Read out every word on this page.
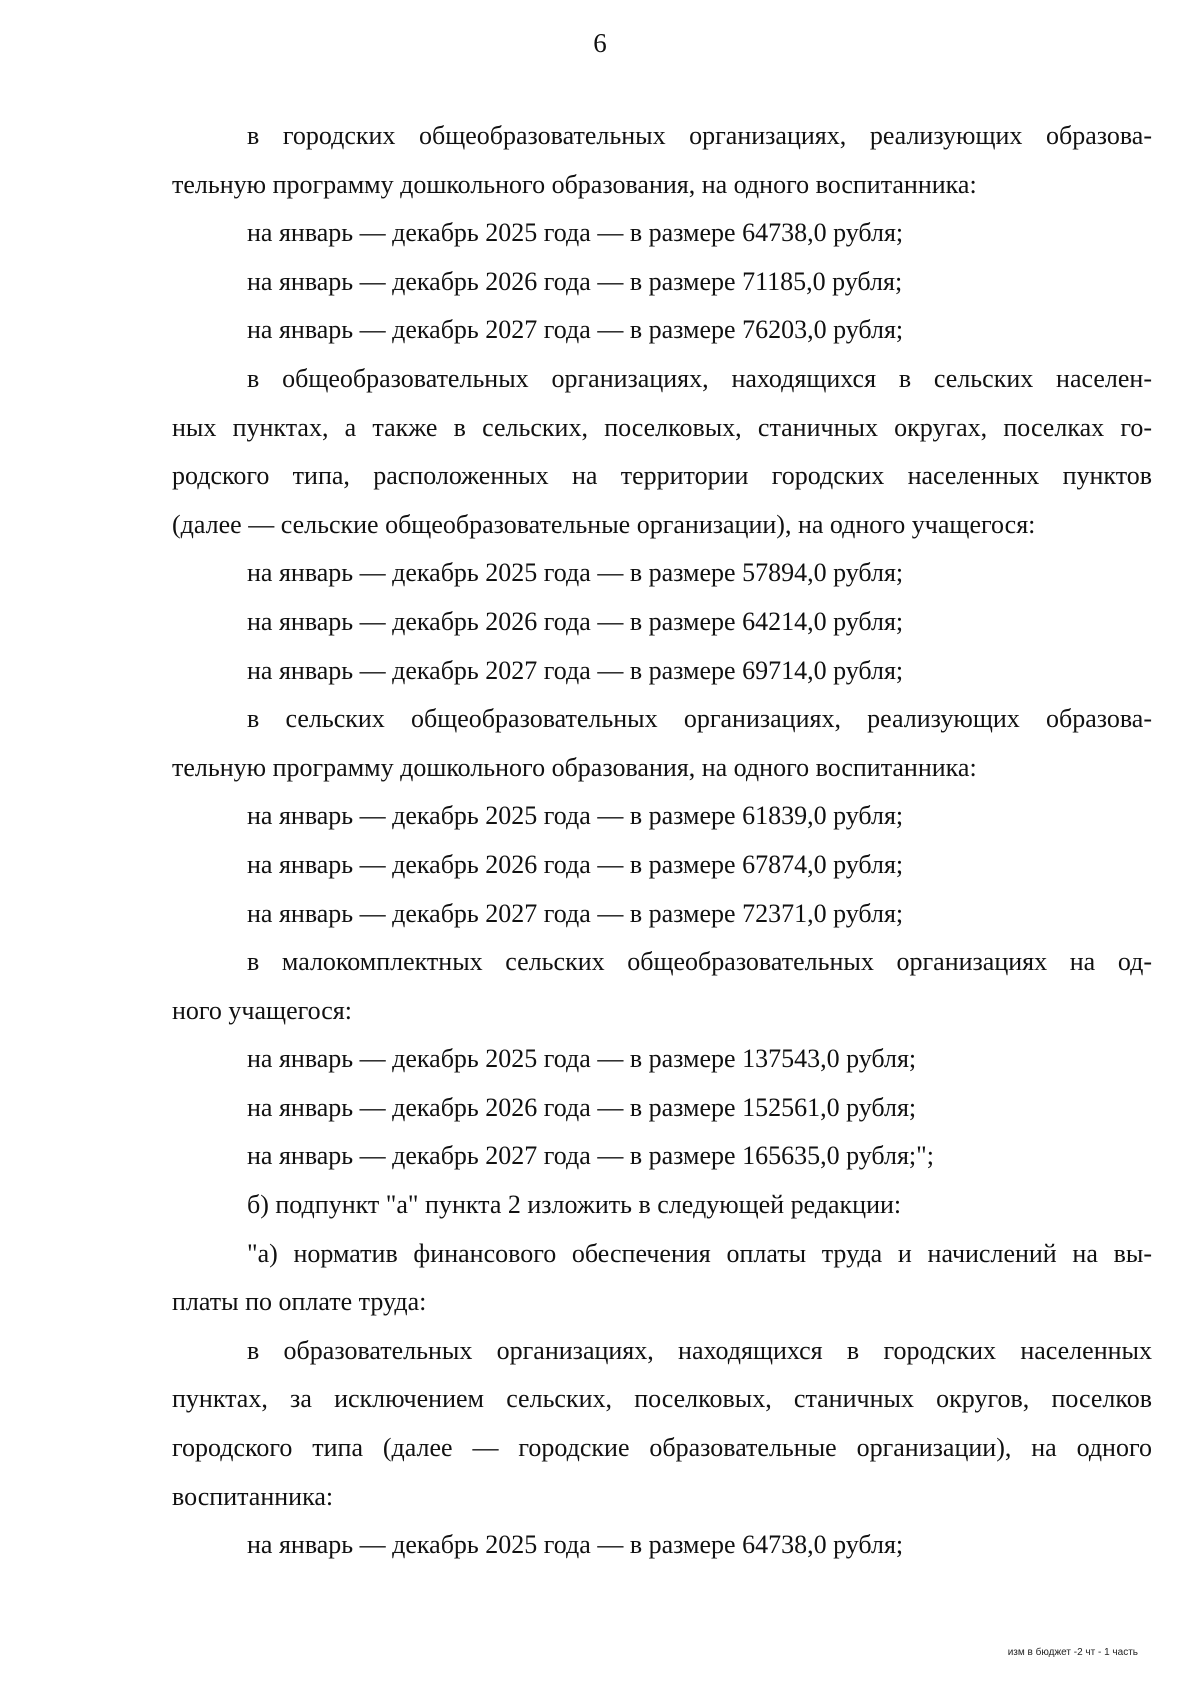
6
в городских общеобразовательных организациях, реализующих образова-
тельную программу дошкольного образования, на одного воспитанника:
на январь — декабрь 2025 года — в размере 64738,0 рубля;
на январь — декабрь 2026 года — в размере 71185,0 рубля;
на январь — декабрь 2027 года — в размере 76203,0 рубля;
в общеобразовательных организациях, находящихся в сельских населен-
ных пунктах, а также в сельских, поселковых, станичных округах, поселках го-
родского типа, расположенных на территории городских населенных пунктов
(далее — сельские общеобразовательные организации), на одного учащегося:
на январь — декабрь 2025 года — в размере 57894,0 рубля;
на январь — декабрь 2026 года — в размере 64214,0 рубля;
на январь — декабрь 2027 года — в размере 69714,0 рубля;
в сельских общеобразовательных организациях, реализующих образова-
тельную программу дошкольного образования, на одного воспитанника:
на январь — декабрь 2025 года — в размере 61839,0 рубля;
на январь — декабрь 2026 года — в размере 67874,0 рубля;
на январь — декабрь 2027 года — в размере 72371,0 рубля;
в малокомплектных сельских общеобразовательных организациях на од-
ного учащегося:
на январь — декабрь 2025 года — в размере 137543,0 рубля;
на январь — декабрь 2026 года — в размере 152561,0 рубля;
на январь — декабрь 2027 года — в размере 165635,0 рубля;";
б) подпункт "а" пункта 2 изложить в следующей редакции:
"а) норматив финансового обеспечения оплаты труда и начислений на вы-
платы по оплате труда:
в образовательных организациях, находящихся в городских населенных
пунктах, за исключением сельских, поселковых, станичных округов, поселков
городского типа (далее — городские образовательные организации), на одного
воспитанника:
на январь — декабрь 2025 года — в размере 64738,0 рубля;
изм в бюджет -2 чт - 1 часть
